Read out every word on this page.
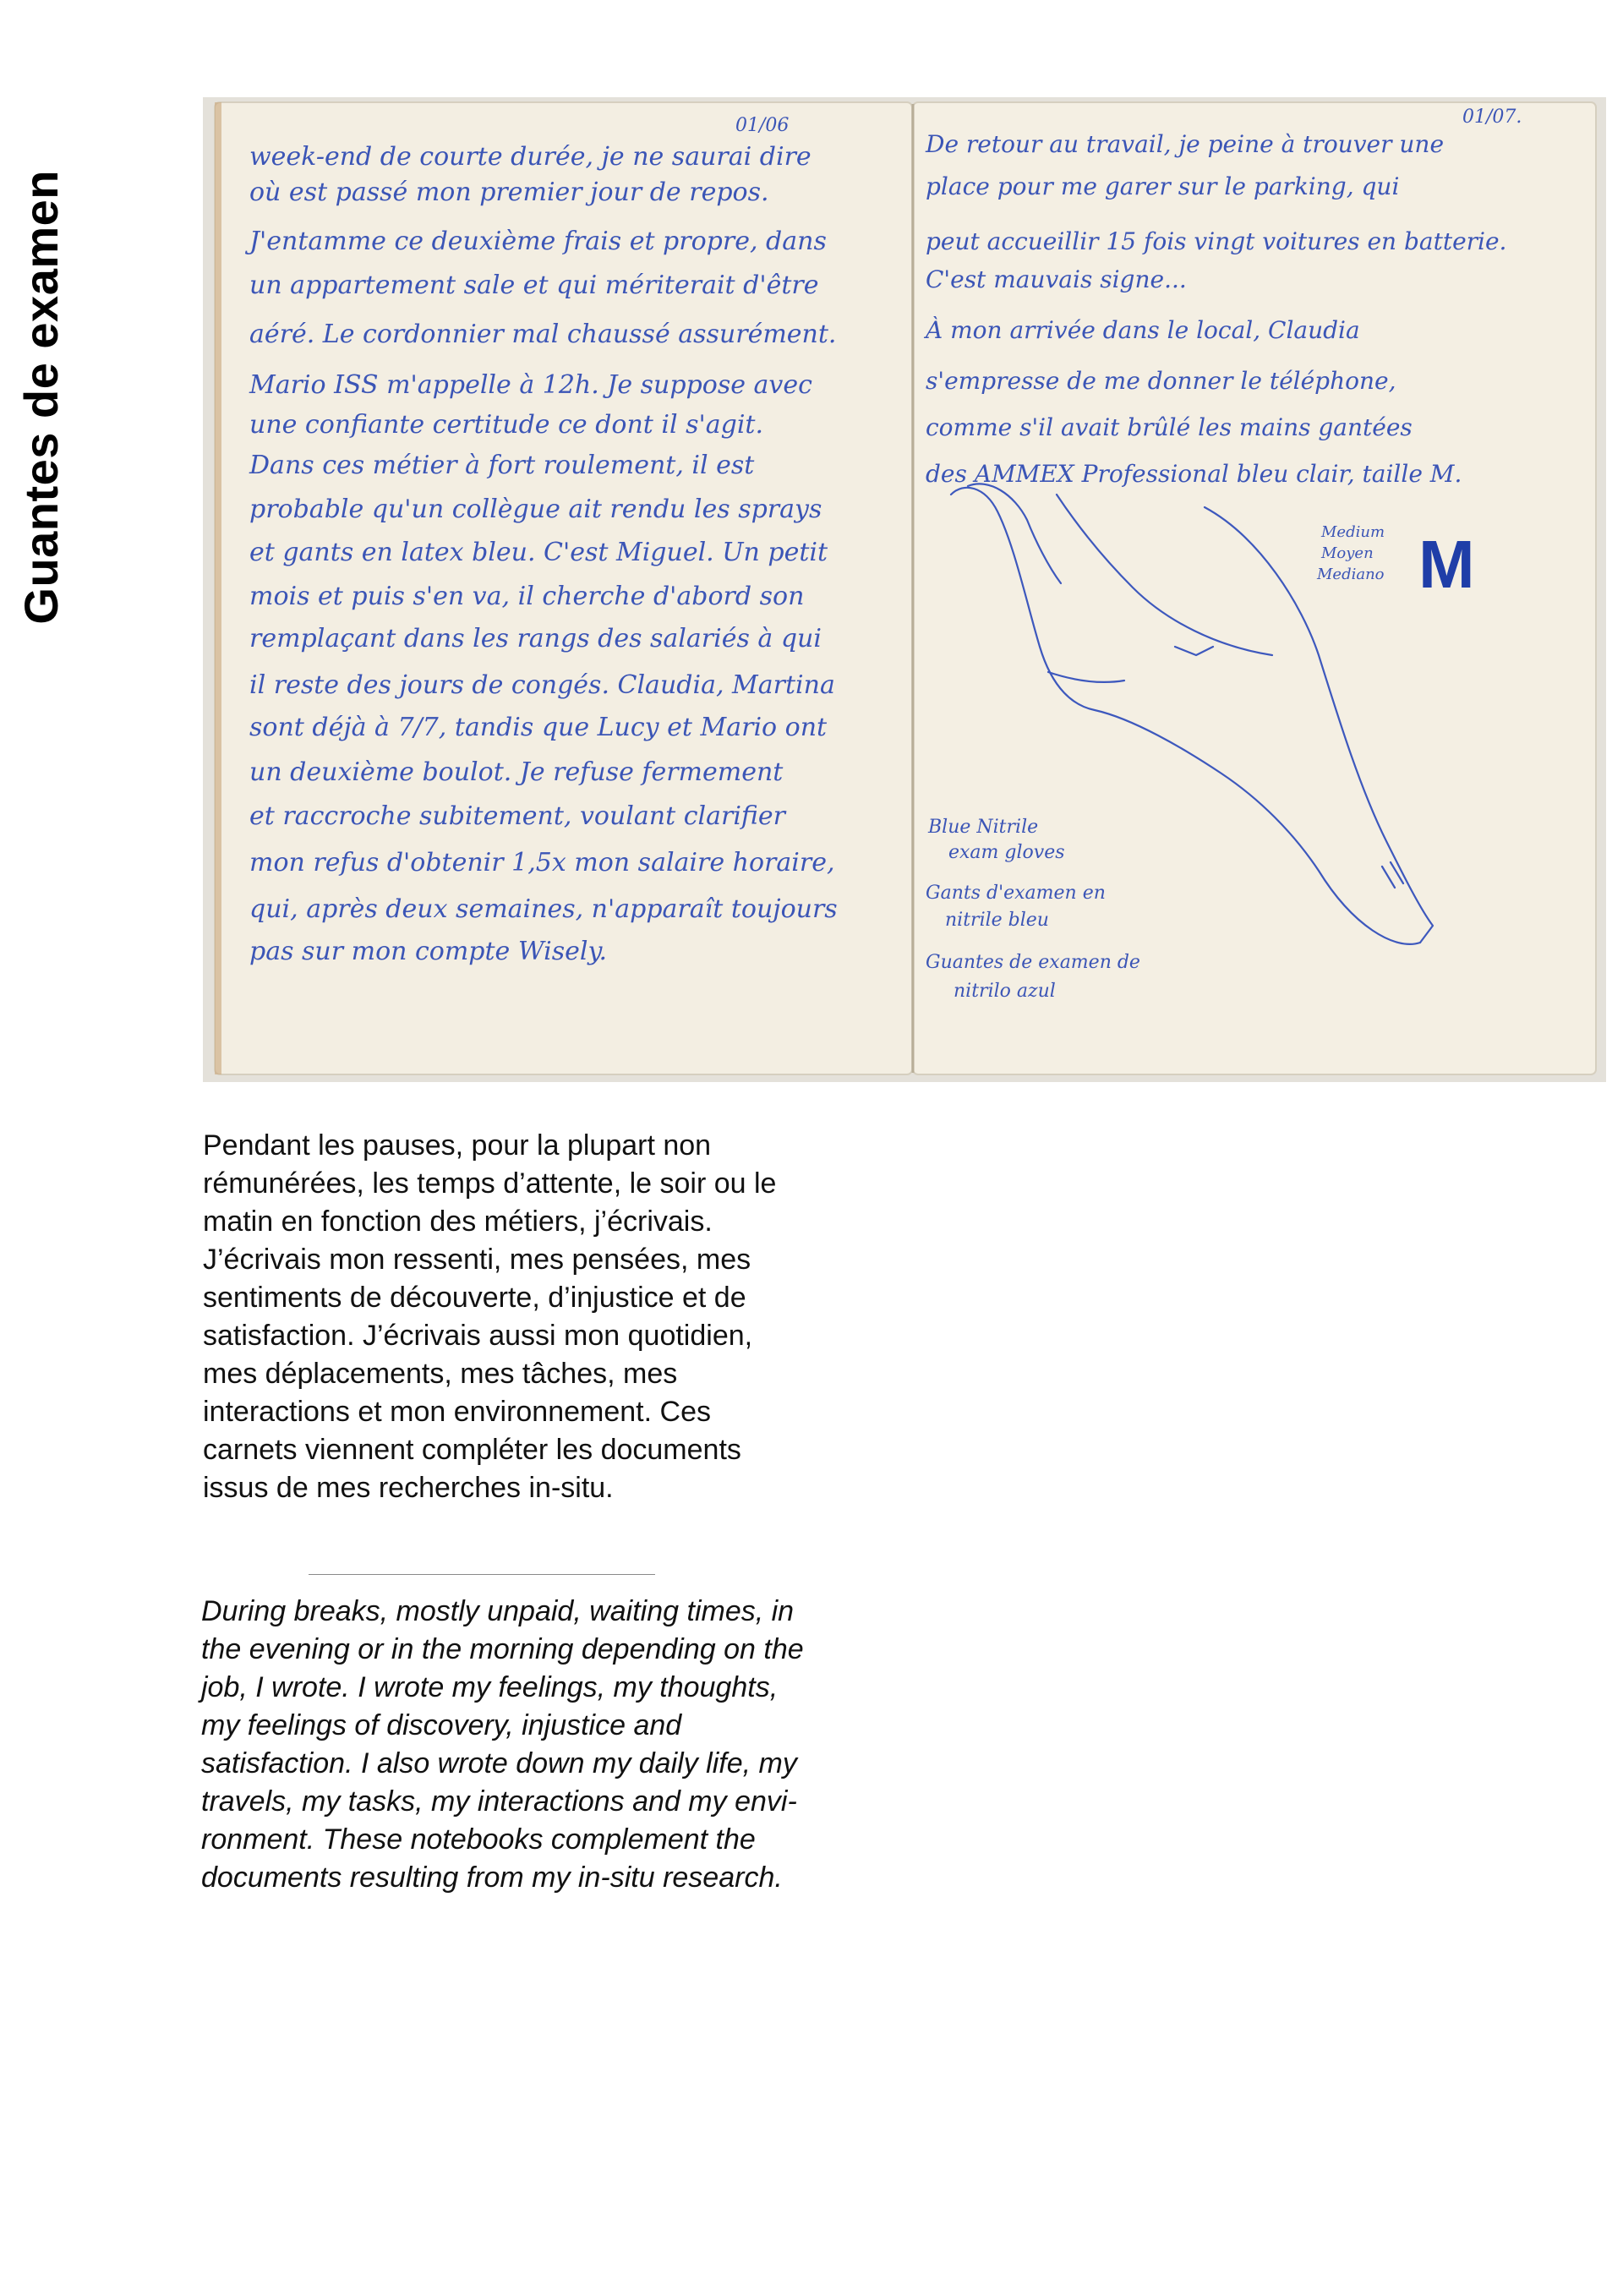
Guantes de examen
01/06
week-end de courte durée, je ne saurai dire
où est passé mon premier jour de repos.
J'entamme ce deuxième frais et propre, dans
un appartement sale et qui mériterait d'être
aéré. Le cordonnier mal chaussé assurément.
Mario ISS m'appelle à 12h. Je suppose avec
une confiante certitude ce dont il s'agit.
Dans ces métier à fort roulement, il est
probable qu'un collègue ait rendu les sprays
et gants en latex bleu. C'est Miguel. Un petit
mois et puis s'en va, il cherche d'abord son
remplaçant dans les rangs des salariés à qui
il reste des jours de congés. Claudia, Martina
sont déjà à 7/7, tandis que Lucy et Mario ont
un deuxième boulot. Je refuse fermement
et raccroche subitement, voulant clarifier
mon refus d'obtenir 1,5x mon salaire horaire,
qui, après deux semaines, n'apparaît toujours
pas sur mon compte Wisely.
01/07.
De retour au travail, je peine à trouver une
place pour me garer sur le parking, qui
peut accueillir 15 fois vingt voitures en batterie.
C'est mauvais signe...
À mon arrivée dans le local, Claudia
s'empresse de me donner le téléphone,
comme s'il avait brûlé les mains gantées
des AMMEX Professional bleu clair, taille M.
Medium
Moyen
Mediano M
Blue Nitrile
exam gloves
Gants d'examen en
nitrile bleu
Guantes de examen de
nitrilo azul

Pendant les pauses, pour la plupart non rémunérées, les temps d’attente, le soir ou le matin en fonction des métiers, j’écrivais. J’écrivais mon ressenti, mes pensées, mes sentiments de découverte, d’injustice et de satisfaction. J’écrivais aussi mon quotidien, mes déplacements, mes tâches, mes interactions et mon environnement. Ces carnets viennent compléter les documents issus de mes recherches in-situ.

During breaks, mostly unpaid, waiting times, in the evening or in the morning depending on the job, I wrote. I wrote my feelings, my thoughts, my feelings of discovery, injustice and satisfaction. I also wrote down my daily life, my travels, my tasks, my interactions and my environment. These notebooks complement the documents resulting from my in-situ research.
